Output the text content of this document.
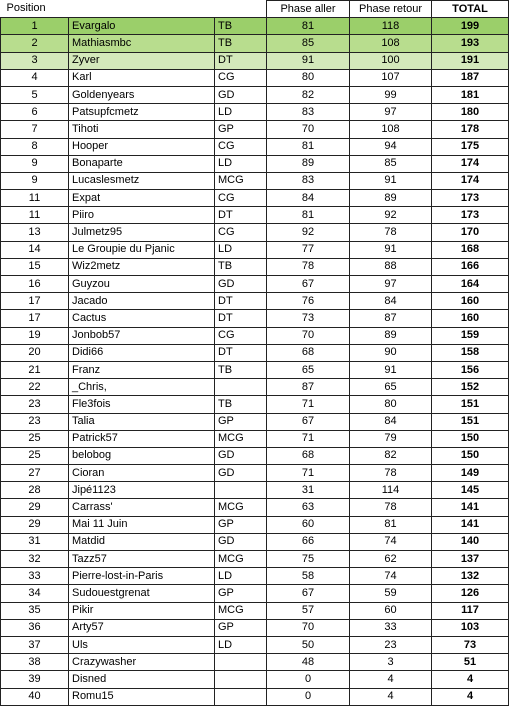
Position			Phase aller	Phase retour	TOTAL
1	Evargalo	TB	81	118	199
2	Mathiasmbc	TB	85	108	193
3	Zyver	DT	91	100	191
4	Karl	CG	80	107	187
5	Goldenyears	GD	82	99	181
6	Patsupfcmetz	LD	83	97	180
7	Tihoti	GP	70	108	178
8	Hooper	CG	81	94	175
9	Bonaparte	LD	89	85	174
9	Lucaslesmetz	MCG	83	91	174
11	Expat	CG	84	89	173
11	Piiro	DT	81	92	173
13	Julmetz95	CG	92	78	170
14	Le Groupie du Pjanic	LD	77	91	168
15	Wiz2metz	TB	78	88	166
16	Guyzou	GD	67	97	164
17	Jacado	DT	76	84	160
17	Cactus	DT	73	87	160
19	Jonbob57	CG	70	89	159
20	Didi66	DT	68	90	158
21	Franz	TB	65	91	156
22	_Chris,		87	65	152
23	Fle3fois	TB	71	80	151
23	Talia	GP	67	84	151
25	Patrick57	MCG	71	79	150
25	belobog	GD	68	82	150
27	Cioran	GD	71	78	149
28	Jipé1123		31	114	145
29	Carrass'	MCG	63	78	141
29	Mai 11 Juin	GP	60	81	141
31	Matdid	GD	66	74	140
32	Tazz57	MCG	75	62	137
33	Pierre-lost-in-Paris	LD	58	74	132
34	Sudouestgrenat	GP	67	59	126
35	Pikir	MCG	57	60	117
36	Arty57	GP	70	33	103
37	Uls	LD	50	23	73
38	Crazywasher		48	3	51
39	Disned		0	4	4
40	Romu15		0	4	4
